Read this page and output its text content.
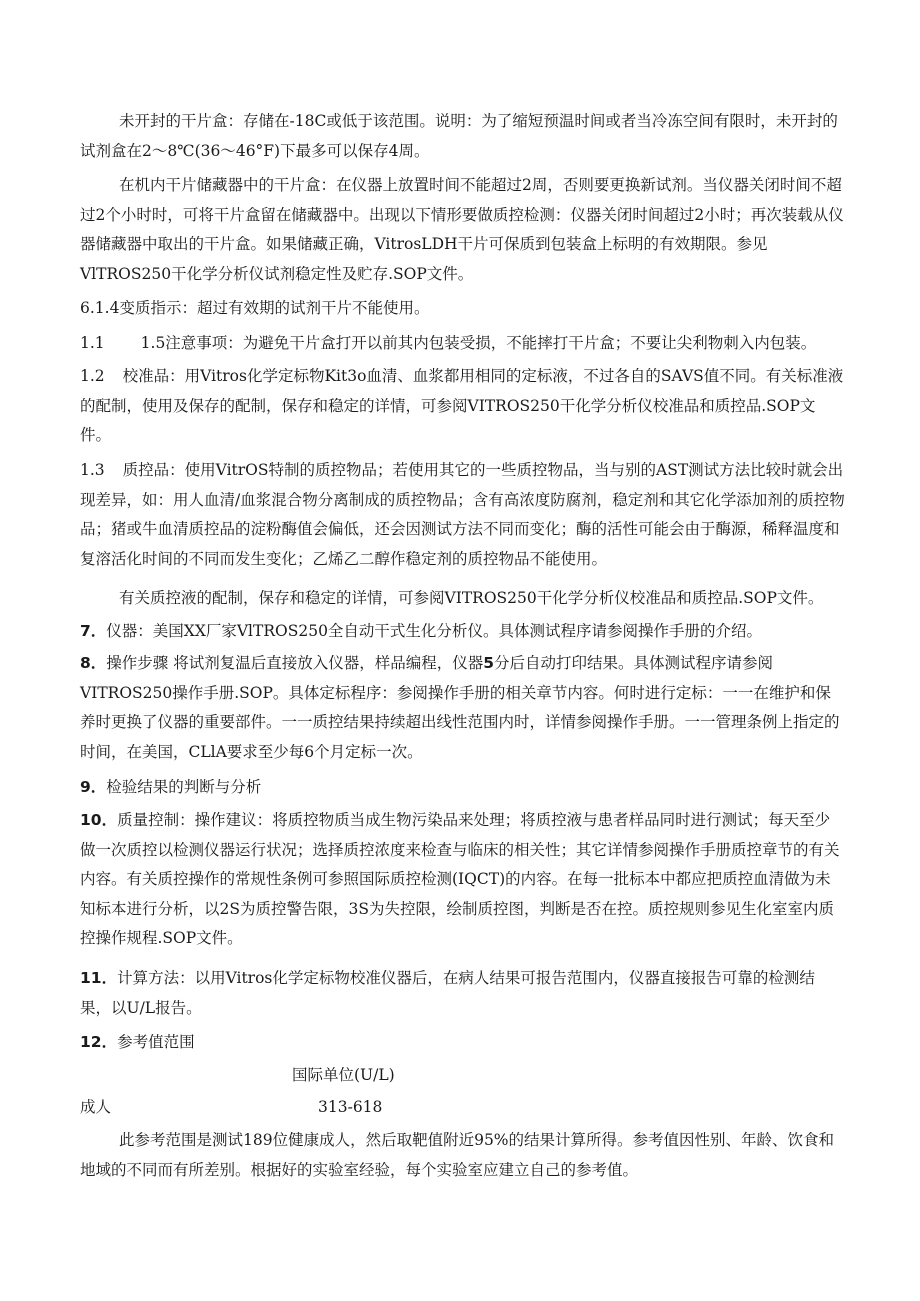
未开封的干片盒：存储在-18C或低于该范围。说明：为了缩短预温时间或者当冷冻空间有限时，未开封的试剂盒在2～8℃(36～46°F)下最多可以保存4周。

在机内干片储藏器中的干片盒：在仪器上放置时间不能超过2周，否则要更换新试剂。当仪器关闭时间不超过2个小时时，可将干片盒留在储藏器中。出现以下情形要做质控检测：仪器关闭时间超过2小时；再次装载从仪器储藏器中取出的干片盒。如果储藏正确，VitrosLDH干片可保质到包装盒上标明的有效期限。参见VlTROS250干化学分析仪试剂稳定性及贮存.SOP文件。

6.1.4变质指示：超过有效期的试剂干片不能使用。

1.1 1.5注意事项：为避免干片盒打开以前其内包装受损，不能摔打干片盒；不要让尖利物刺入内包装。

1.2 校准品：用Vitros化学定标物Kit3o血清、血浆都用相同的定标液，不过各自的SAVS值不同。有关标准液的配制，使用及保存的配制，保存和稳定的详情，可参阅VITROS250干化学分析仪校准品和质控品.SOP文件。

1.3 质控品：使用VitrOS特制的质控物品；若使用其它的一些质控物品，当与别的AST测试方法比较时就会出现差异，如：用人血清/血浆混合物分离制成的质控物品；含有高浓度防腐剂，稳定剂和其它化学添加剂的质控物品；猪或牛血清质控品的淀粉酶值会偏低，还会因测试方法不同而变化；酶的活性可能会由于酶源，稀释温度和复溶活化时间的不同而发生变化；乙烯乙二醇作稳定剂的质控物品不能使用。

有关质控液的配制，保存和稳定的详情，可参阅VITROS250干化学分析仪校准品和质控品.SOP文件。

7．仪器：美国XX厂家VlTROS250全自动干式生化分析仪。具体测试程序请参阅操作手册的介绍。

8．操作步骤 将试剂复温后直接放入仪器，样品编程，仪器5分后自动打印结果。具体测试程序请参阅VITROS250操作手册.SOP。具体定标程序：参阅操作手册的相关章节内容。何时进行定标：一一在维护和保养时更换了仪器的重要部件。一一质控结果持续超出线性范围内时，详情参阅操作手册。一一管理条例上指定的时间，在美国，CLlA要求至少每6个月定标一次。

9．检验结果的判断与分析

10．质量控制：操作建议：将质控物质当成生物污染品来处理；将质控液与患者样品同时进行测试；每天至少做一次质控以检测仪器运行状况；选择质控浓度来检查与临床的相关性；其它详情参阅操作手册质控章节的有关内容。有关质控操作的常规性条例可参照国际质控检测(IQCT)的内容。在每一批标本中都应把质控血清做为未知标本进行分析，以2S为质控警告限，3S为失控限，绘制质控图，判断是否在控。质控规则参见生化室室内质控操作规程.SOP文件。

11．计算方法：以用Vitros化学定标物校准仪器后，在病人结果可报告范围内，仪器直接报告可靠的检测结果，以U/L报告。

12．参考值范围

国际单位(U/L)
成人	313-618

此参考范围是测试189位健康成人，然后取靶值附近95%的结果计算所得。参考值因性别、年龄、饮食和地域的不同而有所差别。根据好的实验室经验，每个实验室应建立自己的参考值。
